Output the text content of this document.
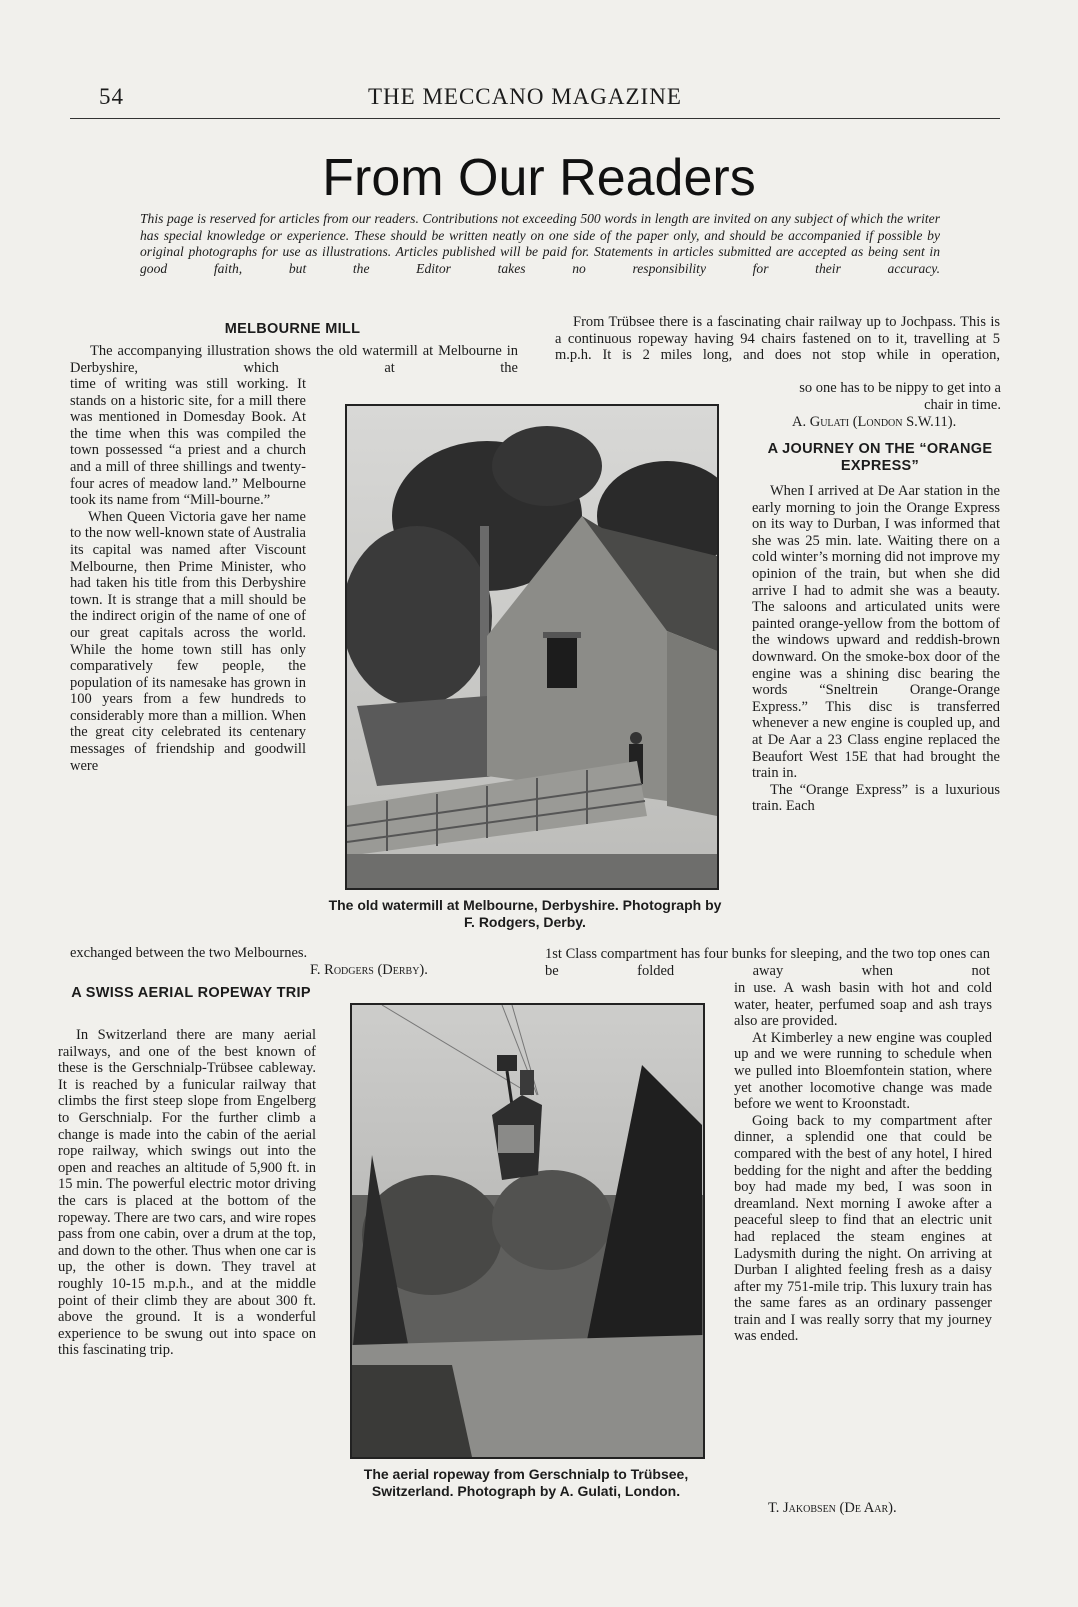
54	THE MECCANO MAGAZINE
From Our Readers
This page is reserved for articles from our readers. Contributions not exceeding 500 words in length are invited on any subject of which the writer has special knowledge or experience. These should be written neatly on one side of the paper only, and should be accompanied if possible by original photographs for use as illustrations. Articles published will be paid for. Statements in articles submitted are accepted as being sent in good faith, but the Editor takes no responsibility for their accuracy.
MELBOURNE MILL
The accompanying illustration shows the old watermill at Melbourne in Derbyshire, which at the

time of writing was still working. It stands on a historic site, for a mill there was mentioned in Domesday Book. At the time when this was compiled the town possessed “a priest and a church and a mill of three shillings and twenty-four acres of meadow land.” Melbourne took its name from “Mill-bourne.”

When Queen Victoria gave her name to the now well-known state of Australia its capital was named after Viscount Melbourne, then Prime Minister, who had taken his title from this Derbyshire town. It is strange that a mill should be the indirect origin of the name of one of our great capitals across the world. While the home town still has only comparatively few people, the population of its namesake has grown in 100 years from a few hundreds to considerably more than a million. When the great city celebrated its centenary messages of friendship and goodwill were

exchanged between the two Melbournes.
F. Rodgers (Derby).
The old watermill at Melbourne, Derbyshire. Photograph by F. Rodgers, Derby.
A SWISS AERIAL ROPEWAY TRIP

In Switzerland there are many aerial railways, and one of the best known of these is the Gerschnialp-Trübsee cableway. It is reached by a funicular railway that climbs the first steep slope from Engelberg to Gerschnialp. For the further climb a change is made into the cabin of the aerial rope railway, which swings out into the open and reaches an altitude of 5,900 ft. in 15 min. The powerful electric motor driving the cars is placed at the bottom of the ropeway. There are two cars, and wire ropes pass from one cabin, over a drum at the top, and down to the other. Thus when one car is up, the other is down. They travel at roughly 10-15 m.p.h., and at the middle point of their climb they are about 300 ft. above the ground. It is a wonderful experience to be swung out into space on this fascinating trip.

From Trübsee there is a fascinating chair railway up to Jochpass. This is a continuous ropeway having 94 chairs fastened on to it, travelling at 5 m.p.h. It is 2 miles long, and does not stop while in operation,
so one has to be nippy to get into a chair in time.
A. Gulati (London S.W.11).
The aerial ropeway from Gerschnialp to Trübsee, Switzerland. Photograph by A. Gulati, London.
A JOURNEY ON THE “ORANGE EXPRESS”

When I arrived at De Aar station in the early morning to join the Orange Express on its way to Durban, I was informed that she was 25 min. late. Waiting there on a cold winter’s morning did not improve my opinion of the train, but when she did arrive I had to admit she was a beauty. The saloons and articulated units were painted orange-yellow from the bottom of the windows upward and reddish-brown downward. On the smoke-box door of the engine was a shining disc bearing the words “Sneltrein Orange-Orange Express.” This disc is transferred whenever a new engine is coupled up, and at De Aar a 23 Class engine replaced the Beaufort West 15E that had brought the train in.

The “Orange Express” is a luxurious train. Each

1st Class compartment has four bunks for sleeping, and the two top ones can be folded away when not

in use. A wash basin with hot and cold water, heater, perfumed soap and ash trays also are provided.

At Kimberley a new engine was coupled up and we were running to schedule when we pulled into Bloemfontein station, where yet another locomotive change was made before we went to Kroonstadt.

Going back to my compartment after dinner, a splendid one that could be compared with the best of any hotel, I hired bedding for the night and after the bedding boy had made my bed, I was soon in dreamland. Next morning I awoke after a peaceful sleep to find that an electric unit had replaced the steam engines at Ladysmith during the night. On arriving at Durban I alighted feeling fresh as a daisy after my 751-mile trip. This luxury train has the same fares as an ordinary passenger train and I was really sorry that my journey was ended.

T. Jakobsen (De Aar).
